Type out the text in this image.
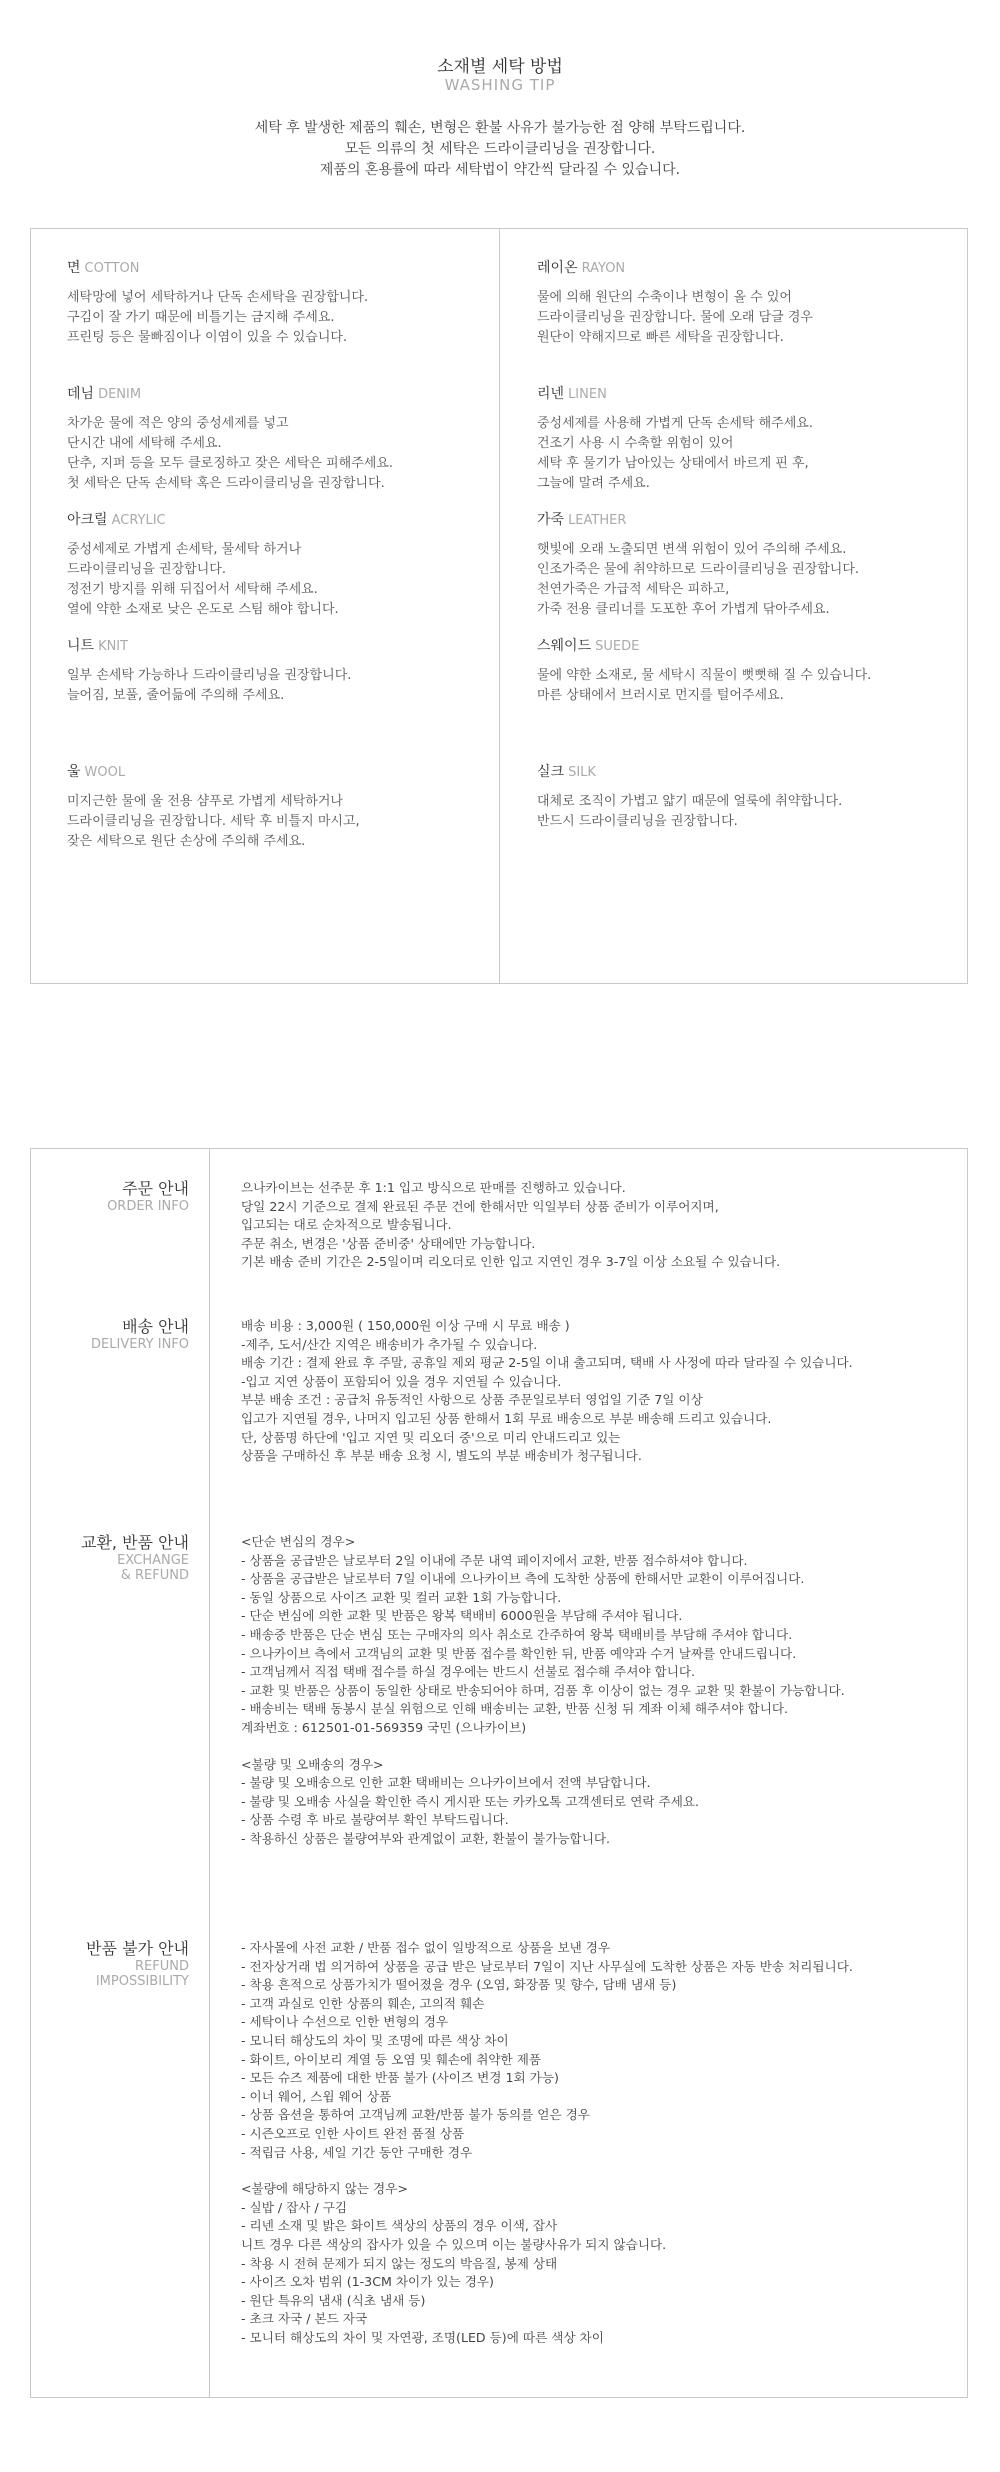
소재별 세탁 방법
WASHING TIP
세탁 후 발생한 제품의 훼손, 변형은 환불 사유가 불가능한 점 양해 부탁드립니다.
모든 의류의 첫 세탁은 드라이클리닝을 권장합니다.
제품의 혼용률에 따라 세탁법이 약간씩 달라질 수 있습니다.
면 COTTON
세탁망에 넣어 세탁하거나 단독 손세탁을 권장합니다.
구김이 잘 가기 때문에 비틀기는 금지해 주세요.
프린팅 등은 물빠짐이나 이염이 있을 수 있습니다.
데님 DENIM
차가운 물에 적은 양의 중성세제를 넣고
단시간 내에 세탁해 주세요.
단추, 지퍼 등을 모두 클로징하고 잦은 세탁은 피해주세요.
첫 세탁은 단독 손세탁 혹은 드라이클리닝을 권장합니다.
아크릴 ACRYLIC
중성세제로 가볍게 손세탁, 물세탁 하거나
드라이클리닝을 권장합니다.
정전기 방지를 위해 뒤집어서 세탁해 주세요.
열에 약한 소재로 낮은 온도로 스팀 해야 합니다.
니트 KNIT
일부 손세탁 가능하나 드라이클리닝을 권장합니다.
늘어짐, 보풀, 줄어듦에 주의해 주세요.
울 WOOL
미지근한 물에 울 전용 샴푸로 가볍게 세탁하거나
드라이클리닝을 권장합니다. 세탁 후 비틀지 마시고,
잦은 세탁으로 원단 손상에 주의해 주세요.
레이온 RAYON
물에 의해 원단의 수축이나 변형이 올 수 있어
드라이클리닝을 권장합니다. 물에 오래 담글 경우
원단이 약해지므로 빠른 세탁을 권장합니다.
리넨 LINEN
중성세제를 사용해 가볍게 단독 손세탁 해주세요.
건조기 사용 시 수축할 위험이 있어
세탁 후 물기가 남아있는 상태에서 바르게 핀 후,
그늘에 말려 주세요.
가죽 LEATHER
햇빛에 오래 노출되면 변색 위험이 있어 주의해 주세요.
인조가죽은 물에 취약하므로 드라이클리닝을 권장합니다.
천연가죽은 가급적 세탁은 피하고,
가죽 전용 클리너를 도포한 후어 가볍게 닦아주세요.
스웨이드 SUEDE
물에 약한 소재로, 물 세탁시 직물이 뻣뻣해 질 수 있습니다.
마른 상태에서 브러시로 먼지를 털어주세요.
실크 SILK
대체로 조직이 가볍고 얇기 때문에 얼룩에 취약합니다.
반드시 드라이클리닝을 권장합니다.
주문 안내
ORDER INFO
으나카이브는 선주문 후 1:1 입고 방식으로 판매를 진행하고 있습니다.
당일 22시 기준으로 결제 완료된 주문 건에 한해서만 익일부터 상품 준비가 이루어지며,
입고되는 대로 순차적으로 발송됩니다.
주문 취소, 변경은 '상품 준비중' 상태에만 가능합니다.
기본 배송 준비 기간은 2-5일이며 리오더로 인한 입고 지연인 경우 3-7일 이상 소요될 수 있습니다.
배송 안내
DELIVERY INFO
배송 비용 : 3,000원 ( 150,000원 이상 구매 시 무료 배송 )
-제주, 도서/산간 지역은 배송비가 추가될 수 있습니다.
배송 기간 : 결제 완료 후 주말, 공휴일 제외 평균 2-5일 이내 출고되며, 택배 사 사정에 따라 달라질 수 있습니다.
-입고 지연 상품이 포함되어 있을 경우 지연될 수 있습니다.
부분 배송 조건 : 공급처 유동적인 사항으로 상품 주문일로부터 영업일 기준 7일 이상
입고가 지연될 경우, 나머지 입고된 상품 한해서 1회 무료 배송으로 부분 배송해 드리고 있습니다.
단, 상품명 하단에 '입고 지연 및 리오더 중'으로 미리 안내드리고 있는
상품을 구매하신 후 부분 배송 요청 시, 별도의 부분 배송비가 청구됩니다.
교환, 반품 안내
EXCHANGE
& REFUND
<단순 변심의 경우>
- 상품을 공급받은 날로부터 2일 이내에 주문 내역 페이지에서 교환, 반품 접수하셔야 합니다.
- 상품을 공급받은 날로부터 7일 이내에 으나카이브 측에 도착한 상품에 한해서만 교환이 이루어집니다.
- 동일 상품으로 사이즈 교환 및 컬러 교환 1회 가능합니다.
- 단순 변심에 의한 교환 및 반품은 왕복 택배비 6000원을 부담해 주셔야 됩니다.
- 배송중 반품은 단순 변심 또는 구매자의 의사 취소로 간주하여 왕복 택배비를 부담해 주셔야 합니다.
- 으나카이브 측에서 고객님의 교환 및 반품 접수를 확인한 뒤, 반품 예약과 수거 날짜를 안내드립니다.
- 고객님께서 직접 택배 접수를 하실 경우에는 반드시 선불로 접수해 주셔야 합니다.
- 교환 및 반품은 상품이 동일한 상태로 반송되어야 하며, 검품 후 이상이 없는 경우 교환 및 환불이 가능합니다.
- 배송비는 택배 동봉시 분실 위험으로 인해 배송비는 교환, 반품 신청 뒤 계좌 이체 해주셔야 합니다.
계좌번호 : 612501-01-569359 국민 (으나카이브)
<불량 및 오배송의 경우>
- 불량 및 오배송으로 인한 교환 택배비는 으나카이브에서 전액 부담합니다.
- 불량 및 오배송 사실을 확인한 즉시 게시판 또는 카카오톡 고객센터로 연락 주세요.
- 상품 수령 후 바로 불량여부 확인 부탁드립니다.
- 착용하신 상품은 불량여부와 관계없이 교환, 환불이 불가능합니다.
반품 불가 안내
REFUND
IMPOSSIBILITY
- 자사몰에 사전 교환 / 반품 접수 없이 일방적으로 상품을 보낸 경우
- 전자상거래 법 의거하여 상품을 공급 받은 날로부터 7일이 지난 사무실에 도착한 상품은 자동 반송 처리됩니다.
- 착용 흔적으로 상품가치가 떨어졌을 경우 (오염, 화장품 및 향수, 담배 냄새 등)
- 고객 과실로 인한 상품의 훼손, 고의적 훼손
- 세탁이나 수선으로 인한 변형의 경우
- 모니터 해상도의 차이 및 조명에 따른 색상 차이
- 화이트, 아이보리 계열 등 오염 및 훼손에 취약한 제품
- 모든 슈즈 제품에 대한 반품 불가 (사이즈 변경 1회 가능)
- 이너 웨어, 스윔 웨어 상품
- 상품 옵션을 통하여 고객님께 교환/반품 불가 동의를 얻은 경우
- 시즌오프로 인한 사이트 완전 품절 상품
- 적립금 사용, 세일 기간 동안 구매한 경우
<불량에 해당하지 않는 경우>
- 실밥 / 잡사 / 구김
- 리넨 소재 및 밝은 화이트 색상의 상품의 경우 이색, 잡사
니트 경우 다른 색상의 잡사가 있을 수 있으며 이는 불량사유가 되지 않습니다.
- 착용 시 전혀 문제가 되지 않는 정도의 박음질, 봉제 상태
- 사이즈 오차 범위 (1-3CM 차이가 있는 경우)
- 원단 특유의 냄새 (식초 냄새 등)
- 초크 자국 / 본드 자국
- 모니터 해상도의 차이 및 자연광, 조명(LED 등)에 따른 색상 차이
